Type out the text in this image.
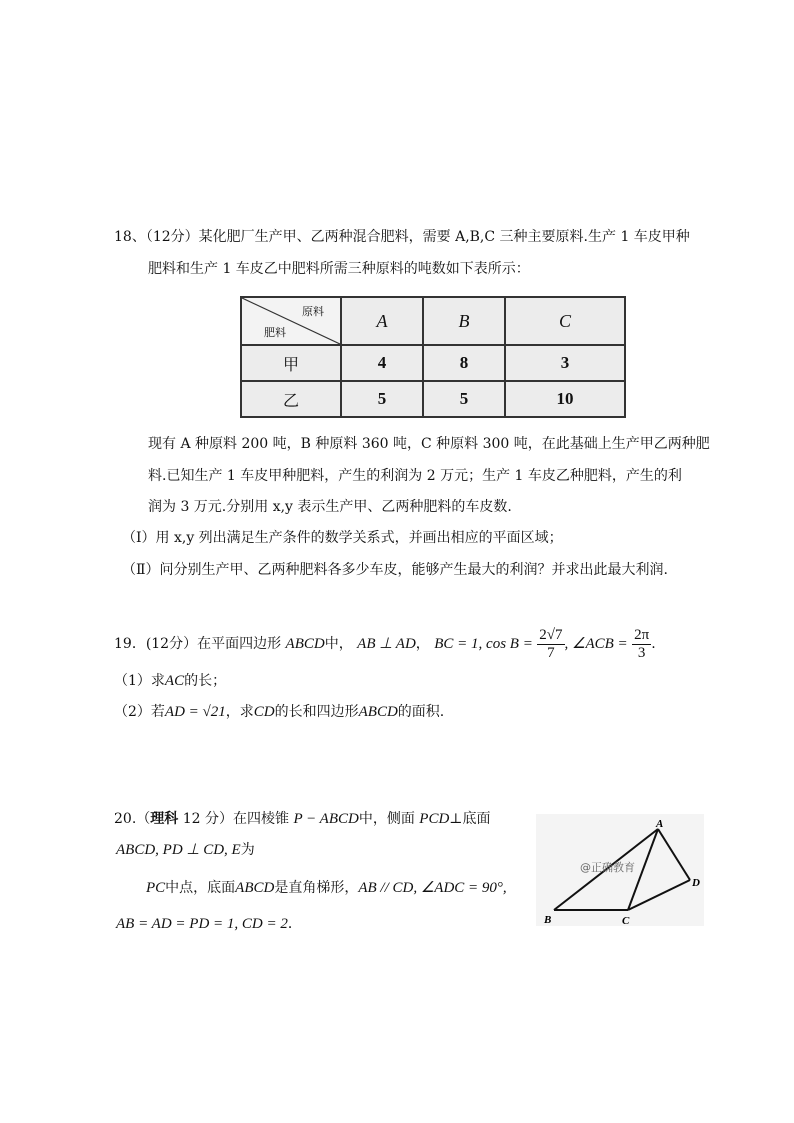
18、（12分）某化肥厂生产甲、乙两种混合肥料，需要 A,B,C 三种主要原料.生产 1 车皮甲种
肥料和生产 1 车皮乙中肥料所需三种原料的吨数如下表所示：
原料
肥料	A	B	C
甲	4	8	3
乙	5	5	10
现有 A 种原料 200 吨，B 种原料 360 吨，C 种原料 300 吨，在此基础上生产甲乙两种肥
料.已知生产 1 车皮甲种肥料，产生的利润为 2 万元；生产 1 车皮乙种肥料，产生的利
润为 3 万元.分别用 x,y 表示生产甲、乙两种肥料的车皮数.
（Ⅰ）用 x,y 列出满足生产条件的数学关系式，并画出相应的平面区域；
（Ⅱ）问分别生产甲、乙两种肥料各多少车皮，能够产生最大的利润？并求出此最大利润.
19．(12分）在平面四边形 ABCD中， AB ⊥ AD， BC = 1, $\cos B = \frac{2√7}{7}$ , ∠ACB = $\frac{2\pi}{3}$ .
（1）求AC的长；
（2）若AD = √21，求CD的长和四边形ABCD的面积.
20.（理科 12 分）在四棱锥 P − ABCD中，侧面 PCD⊥底面
ABCD, PD ⊥ CD, E为
PC中点，底面ABCD是直角梯形，AB // CD, ∠ADC = 90°,
AB = AD = PD = 1, CD = 2．
A
B	C
D
@正确教育
